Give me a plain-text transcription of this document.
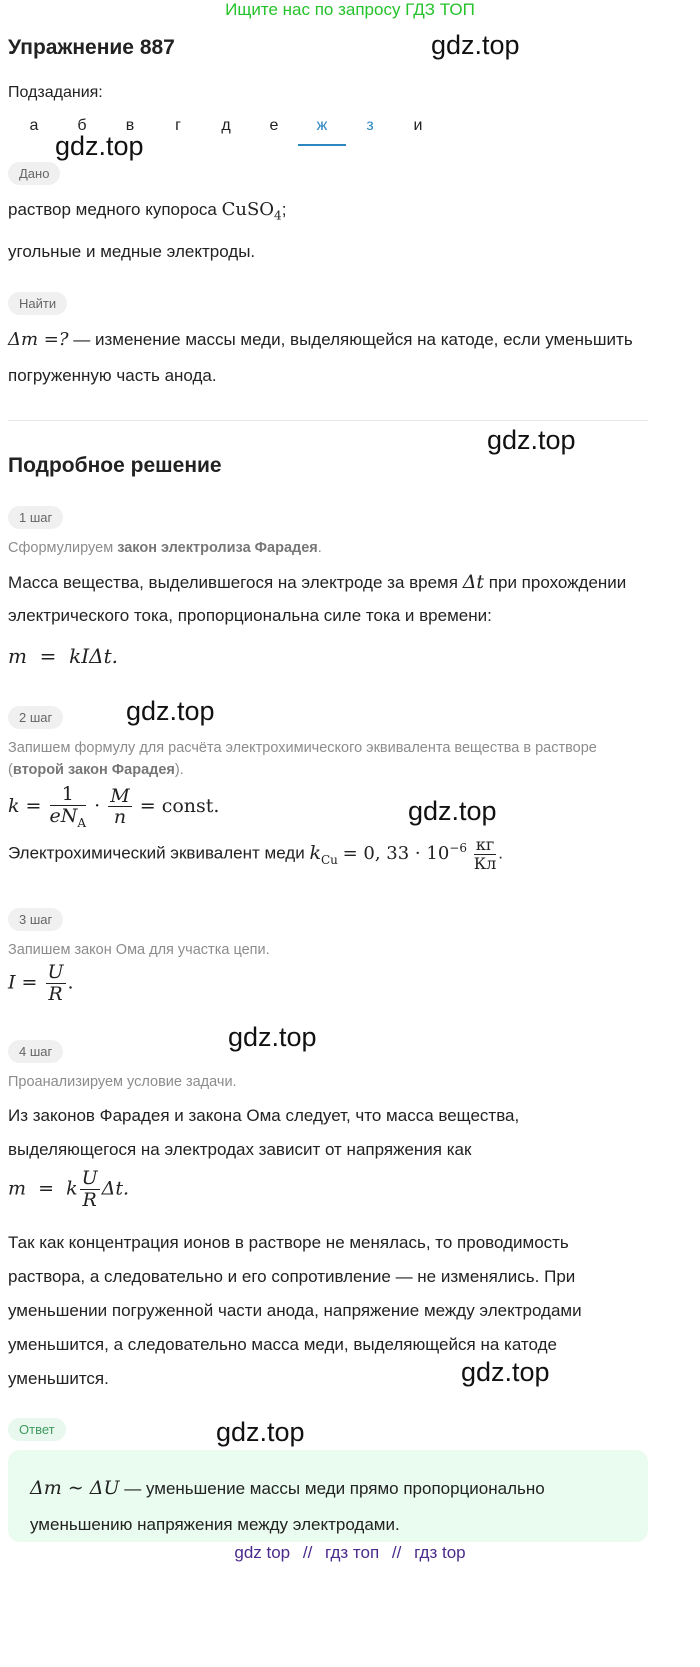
Ищите нас по запросу ГДЗ ТОП
Упражнение 887	gdz.top
gdz.top
gdz.top
gdz.top
gdz.top
gdz.top
gdz.top
gdz.top
Подзадания:
а	б	в	г	д	е	ж	з	и
Дано
раствор медного купороса CuSO$_4$;
угольные и медные электроды.
Найти
Δm =? — изменение массы меди, выделяющейся на катоде, если уменьшить
погруженную часть анода.
Подробное решение
1 шаг
Сформулируем закон электролиза Фарадея.
Масса вещества, выделившегося на электроде за время Δt при прохождении
электрического тока, пропорциональна силе тока и времени:
m  =  kIΔt.
2 шаг
Запишем формулу для расчёта электрохимического эквивалента вещества в растворе
(второй закон Фарадея).
$k = \frac{1}{eN_A} \cdot \frac{M}{n}$ = const.
Электрохимический эквивалент меди $k_{Cu} = 0$, $33 \cdot 10^{-6} \frac{кг}{Кл}$ .
3 шаг
Запишем закон Ома для участка цепи.
$I = \frac{U}{R}$ .
4 шаг
Проанализируем условие задачи.
Из законов Фарадея и закона Ома следует, что масса вещества,
выделяющегося на электродах зависит от напряжения как
m  =  k $\frac{U}{R} \Delta t$.
Так как концентрация ионов в растворе не менялась, то проводимость
раствора, а следовательно и его сопротивление — не изменялись. При
уменьшении погруженной части анода, напряжение между электродами
уменьшится, а следовательно масса меди, выделяющейся на катоде
уменьшится.
Ответ
Δm ∼ ΔU — уменьшение массы меди прямо пропорционально
уменьшению напряжения между электродами.
gdz top // гдз топ // гдз top
